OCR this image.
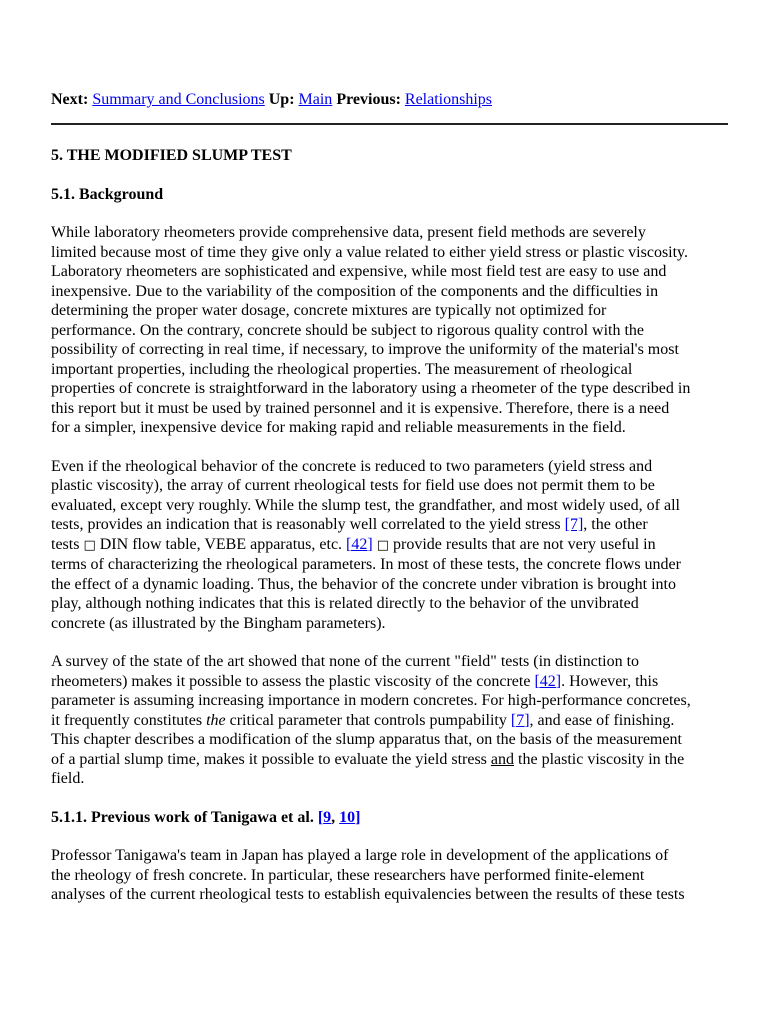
Next: Summary and Conclusions Up: Main Previous: Relationships
5. THE MODIFIED SLUMP TEST
5.1. Background

While laboratory rheometers provide comprehensive data, present field methods are severely
limited because most of time they give only a value related to either yield stress or plastic viscosity.
Laboratory rheometers are sophisticated and expensive, while most field test are easy to use and
inexpensive. Due to the variability of the composition of the components and the difficulties in
determining the proper water dosage, concrete mixtures are typically not optimized for
performance. On the contrary, concrete should be subject to rigorous quality control with the
possibility of correcting in real time, if necessary, to improve the uniformity of the material's most
important properties, including the rheological properties. The measurement of rheological
properties of concrete is straightforward in the laboratory using a rheometer of the type described in
this report but it must be used by trained personnel and it is expensive. Therefore, there is a need
for a simpler, inexpensive device for making rapid and reliable measurements in the field.

Even if the rheological behavior of the concrete is reduced to two parameters (yield stress and
plastic viscosity), the array of current rheological tests for field use does not permit them to be
evaluated, except very roughly. While the slump test, the grandfather, and most widely used, of all
tests, provides an indication that is reasonably well correlated to the yield stress [7], the other
tests □ DIN flow table, VEBE apparatus, etc. [42] □ provide results that are not very useful in
terms of characterizing the rheological parameters. In most of these tests, the concrete flows under
the effect of a dynamic loading. Thus, the behavior of the concrete under vibration is brought into
play, although nothing indicates that this is related directly to the behavior of the unvibrated
concrete (as illustrated by the Bingham parameters).

A survey of the state of the art showed that none of the current "field" tests (in distinction to
rheometers) makes it possible to assess the plastic viscosity of the concrete [42]. However, this
parameter is assuming increasing importance in modern concretes. For high-performance concretes,
it frequently constitutes the critical parameter that controls pumpability [7], and ease of finishing.
This chapter describes a modification of the slump apparatus that, on the basis of the measurement
of a partial slump time, makes it possible to evaluate the yield stress and the plastic viscosity in the
field.

5.1.1. Previous work of Tanigawa et al. [9, 10]

Professor Tanigawa's team in Japan has played a large role in development of the applications of
the rheology of fresh concrete. In particular, these researchers have performed finite-element
analyses of the current rheological tests to establish equivalencies between the results of these tests
